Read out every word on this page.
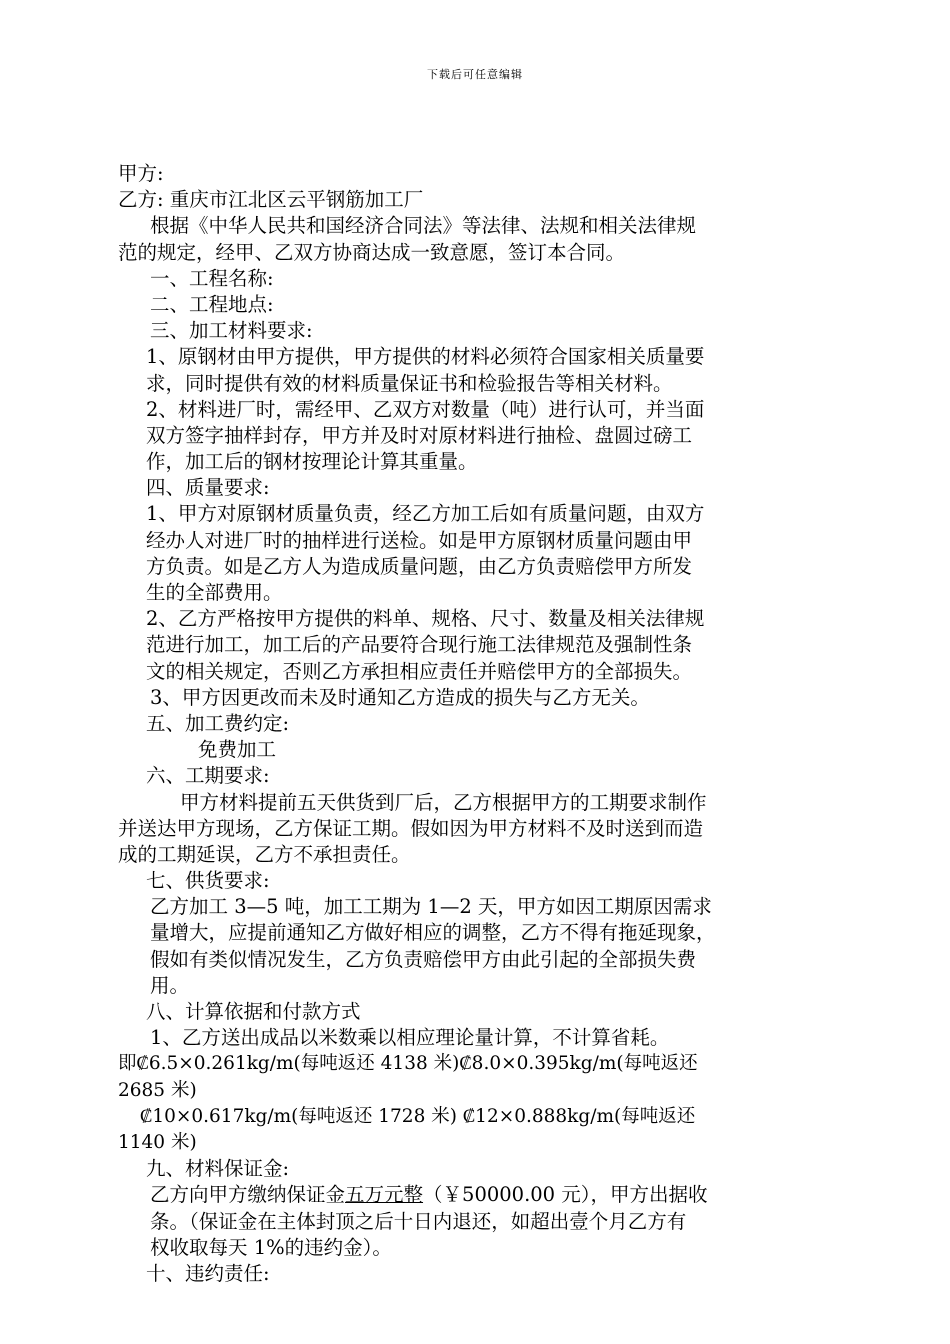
下载后可任意编辑
甲方:
乙方: 重庆市江北区云平钢筋加工厂
根据《中华人民共和国经济合同法》等法律、法规和相关法律规
范的规定，经甲、乙双方协商达成一致意愿，签订本合同。
一、工程名称:
二、工程地点:
三、加工材料要求:
1、原钢材由甲方提供，甲方提供的材料必须符合国家相关质量要
求，同时提供有效的材料质量保证书和检验报告等相关材料。
2、材料进厂时，需经甲、乙双方对数量（吨）进行认可，并当面
双方签字抽样封存，甲方并及时对原材料进行抽检、盘圆过磅工
作，加工后的钢材按理论计算其重量。
四、质量要求:
1、甲方对原钢材质量负责，经乙方加工后如有质量问题，由双方
经办人对进厂时的抽样进行送检。如是甲方原钢材质量问题由甲
方负责。如是乙方人为造成质量问题，由乙方负责赔偿甲方所发
生的全部费用。
2、乙方严格按甲方提供的料单、规格、尺寸、数量及相关法律规
范进行加工，加工后的产品要符合现行施工法律规范及强制性条
文的相关规定，否则乙方承担相应责任并赔偿甲方的全部损失。
3、甲方因更改而未及时通知乙方造成的损失与乙方无关。
五、加工费约定:
免费加工
六、工期要求:
甲方材料提前五天供货到厂后，乙方根据甲方的工期要求制作
并送达甲方现场，乙方保证工期。假如因为甲方材料不及时送到而造
成的工期延误，乙方不承担责任。
七、供货要求:
乙方加工 3—5 吨，加工工期为 1—2 天，甲方如因工期原因需求
量增大，应提前通知乙方做好相应的调整，乙方不得有拖延现象，
假如有类似情况发生，乙方负责赔偿甲方由此引起的全部损失费
用。
八、计算依据和付款方式
1、乙方送出成品以米数乘以相应理论量计算，不计算省耗。
即₡6.5×0.261kg/m(每吨返还 4138 米)₡8.0×0.395kg/m(每吨返还
2685 米)
₡10×0.617kg/m(每吨返还 1728 米) ₡12×0.888kg/m(每吨返还
1140 米)
九、材料保证金:
乙方向甲方缴纳保证金五万元整（￥50000.00 元），甲方出据收
条。（保证金在主体封顶之后十日内退还，如超出壹个月乙方有
权收取每天 1%的违约金）。
十、违约责任:
